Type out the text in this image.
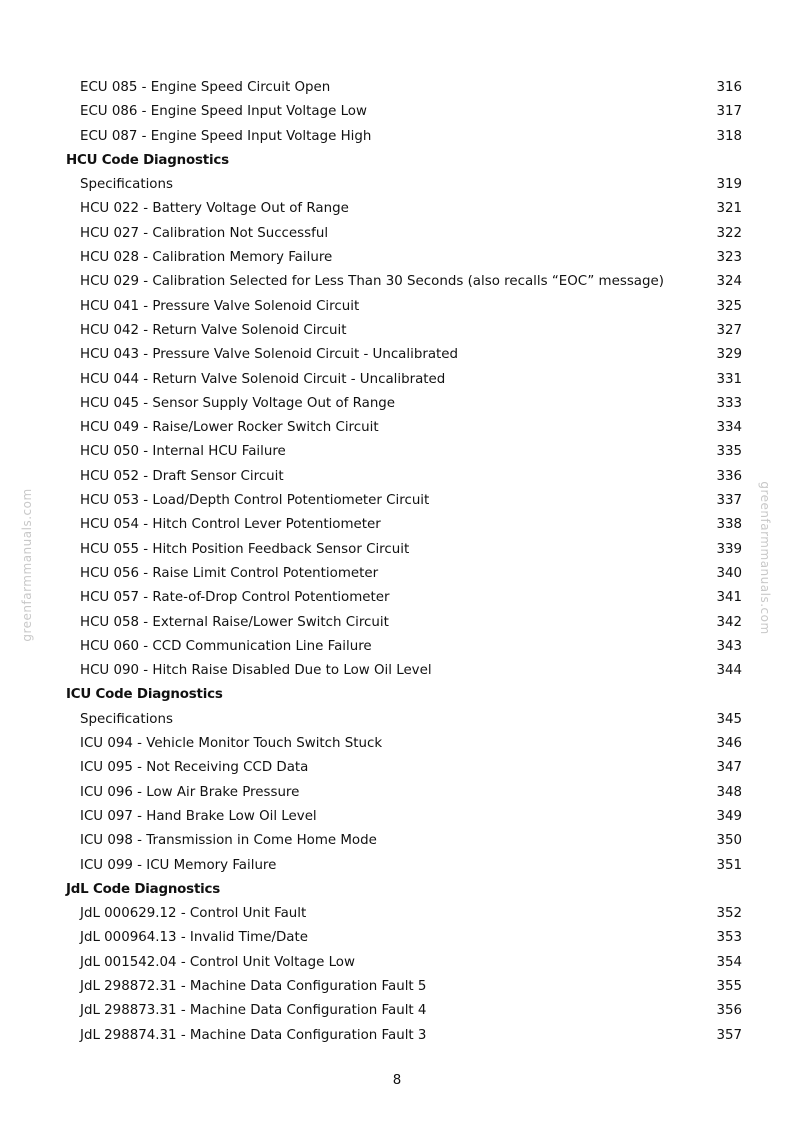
ECU 085 - Engine Speed Circuit Open	316
ECU 086 - Engine Speed Input Voltage Low	317
ECU 087 - Engine Speed Input Voltage High	318
HCU Code Diagnostics
Specifications	319
HCU 022 - Battery Voltage Out of Range	321
HCU 027 - Calibration Not Successful	322
HCU 028 - Calibration Memory Failure	323
HCU 029 - Calibration Selected for Less Than 30 Seconds (also recalls “EOC” message)	324
HCU 041 - Pressure Valve Solenoid Circuit	325
HCU 042 - Return Valve Solenoid Circuit	327
HCU 043 - Pressure Valve Solenoid Circuit - Uncalibrated	329
HCU 044 - Return Valve Solenoid Circuit - Uncalibrated	331
HCU 045 - Sensor Supply Voltage Out of Range	333
HCU 049 - Raise/Lower Rocker Switch Circuit	334
HCU 050 - Internal HCU Failure	335
HCU 052 - Draft Sensor Circuit	336
HCU 053 - Load/Depth Control Potentiometer Circuit	337
HCU 054 - Hitch Control Lever Potentiometer	338
HCU 055 - Hitch Position Feedback Sensor Circuit	339
HCU 056 - Raise Limit Control Potentiometer	340
HCU 057 - Rate-of-Drop Control Potentiometer	341
HCU 058 - External Raise/Lower Switch Circuit	342
HCU 060 - CCD Communication Line Failure	343
HCU 090 - Hitch Raise Disabled Due to Low Oil Level	344
ICU Code Diagnostics
Specifications	345
ICU 094 - Vehicle Monitor Touch Switch Stuck	346
ICU 095 - Not Receiving CCD Data	347
ICU 096 - Low Air Brake Pressure	348
ICU 097 - Hand Brake Low Oil Level	349
ICU 098 - Transmission in Come Home Mode	350
ICU 099 - ICU Memory Failure	351
JdL Code Diagnostics
JdL 000629.12 - Control Unit Fault	352
JdL 000964.13 - Invalid Time/Date	353
JdL 001542.04 - Control Unit Voltage Low	354
JdL 298872.31 - Machine Data Configuration Fault 5	355
JdL 298873.31 - Machine Data Configuration Fault 4	356
JdL 298874.31 - Machine Data Configuration Fault 3	357
8
greenfarmmanuals.com	greenfarmmanuals.com
